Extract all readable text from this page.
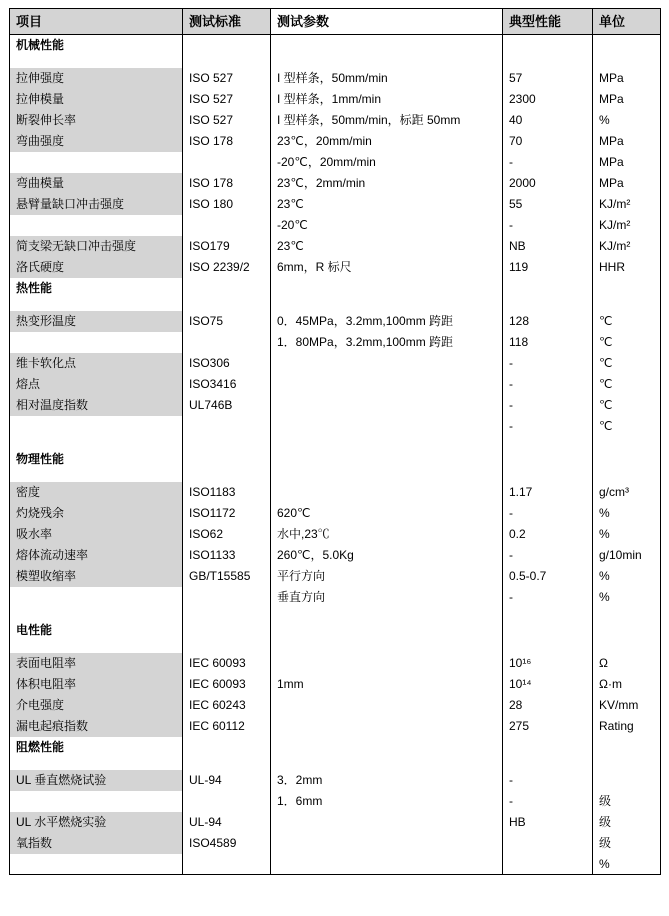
项目	测试标准	测试参数	典型性能	单位
机械性能				

拉伸强度	ISO 527	I 型样条，50mm/min	57	MPa
拉伸模量	ISO 527	I 型样条，1mm/min	2300	MPa
断裂伸长率	ISO 527	I 型样条，50mm/min，标距 50mm	40	%
弯曲强度	ISO 178	23℃，20mm/min	70	MPa
		-20℃，20mm/min	-	MPa
弯曲模量	ISO 178	23℃，2mm/min	2000	MPa
悬臂量缺口冲击强度	ISO 180	23℃	55	KJ/m²
		-20℃	-	KJ/m²
简支梁无缺口冲击强度	ISO179	23℃	NB	KJ/m²
洛氏硬度	ISO 2239/2	6mm，R 标尺	119	HHR
热性能				

热变形温度	ISO75	0．45MPa，3.2mm,100mm 跨距	128	℃
		1．80MPa，3.2mm,100mm 跨距	118	℃
维卡软化点	ISO306		-	℃
熔点	ISO3416		-	℃
相对温度指数	UL746B		-	℃
			-	℃

物理性能				

密度	ISO1183		1.17	g/cm³
灼烧残余	ISO1172	620℃	-	%
吸水率	ISO62	水中,23℃	0.2	%
熔体流动速率	ISO1133	260℃，5.0Kg	-	g/10min
模塑收缩率	GB/T15585	平行方向	0.5-0.7	%
		垂直方向	-	%

电性能				

表面电阻率	IEC 60093		10¹⁶	Ω
体积电阻率	IEC 60093	1mm	10¹⁴	Ω·m
介电强度	IEC 60243		28	KV/mm
漏电起痕指数	IEC 60112		275	Rating
阻燃性能				

UL 垂直燃烧试验	UL-94	3．2mm	-	
		1．6mm	-	级
UL 水平燃烧实验	UL-94		HB	级
氧指数	ISO4589			级
				%
